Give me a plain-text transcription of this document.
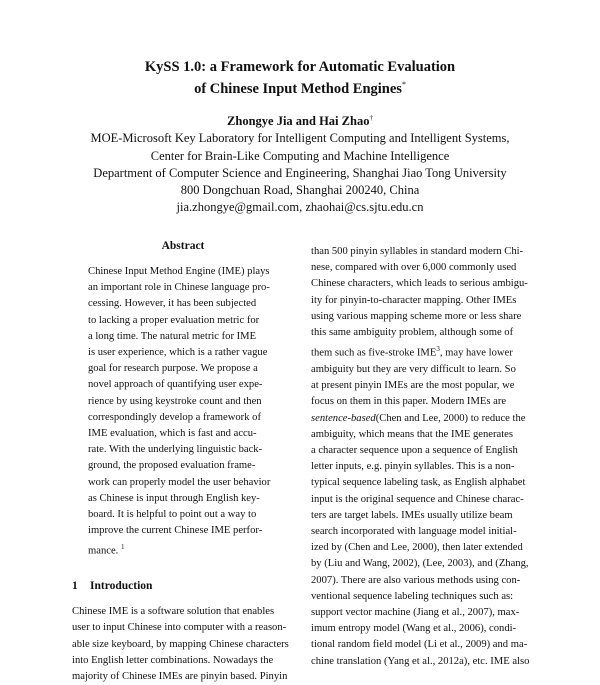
KySS 1.0: a Framework for Automatic Evaluation
of Chinese Input Method Engines*
Zhongye Jia and Hai Zhao†
MOE-Microsoft Key Laboratory for Intelligent Computing and Intelligent Systems,
Center for Brain-Like Computing and Machine Intelligence
Department of Computer Science and Engineering, Shanghai Jiao Tong University
800 Dongchuan Road, Shanghai 200240, China
jia.zhongye@gmail.com, zhaohai@cs.sjtu.edu.cn
Abstract
Chinese Input Method Engine (IME) plays
an important role in Chinese language pro-
cessing. However, it has been subjected
to lacking a proper evaluation metric for
a long time. The natural metric for IME
is user experience, which is a rather vague
goal for research purpose. We propose a
novel approach of quantifying user expe-
rience by using keystroke count and then
correspondingly develop a framework of
IME evaluation, which is fast and accu-
rate. With the underlying linguistic back-
ground, the proposed evaluation frame-
work can properly model the user behavior
as Chinese is input through English key-
board. It is helpful to point out a way to
improve the current Chinese IME perfor-
mance. $^1$
1 Introduction
Chinese IME is a software solution that enables
user to input Chinese into computer with a reason-
able size keyboard, by mapping Chinese characters
into English letter combinations. Nowadays the
majority of Chinese IMEs are pinyin based. Pinyin
than 500 pinyin syllables in standard modern Chi-
nese, compared with over 6,000 commonly used
Chinese characters, which leads to serious ambigu-
ity for pinyin-to-character mapping. Other IMEs
using various mapping scheme more or less share
this same ambiguity problem, although some of
them such as five-stroke IME$^3$, may have lower
ambiguity but they are very difficult to learn. So
at present pinyin IMEs are the most popular, we
focus on them in this paper. Modern IMEs are
sentence-based(Chen and Lee, 2000) to reduce the
ambiguity, which means that the IME generates
a character sequence upon a sequence of English
letter inputs, e.g. pinyin syllables. This is a non-
typical sequence labeling task, as English alphabet
input is the original sequence and Chinese charac-
ters are target labels. IMEs usually utilize beam
search incorporated with language model initial-
ized by (Chen and Lee, 2000), then later extended
by (Liu and Wang, 2002), (Lee, 2003), and (Zhang,
2007). There are also various methods using con-
ventional sequence labeling techniques such as:
support vector machine (Jiang et al., 2007), max-
imum entropy model (Wang et al., 2006), condi-
tional random field model (Li et al., 2009) and ma-
chine translation (Yang et al., 2012a), etc. IME also
